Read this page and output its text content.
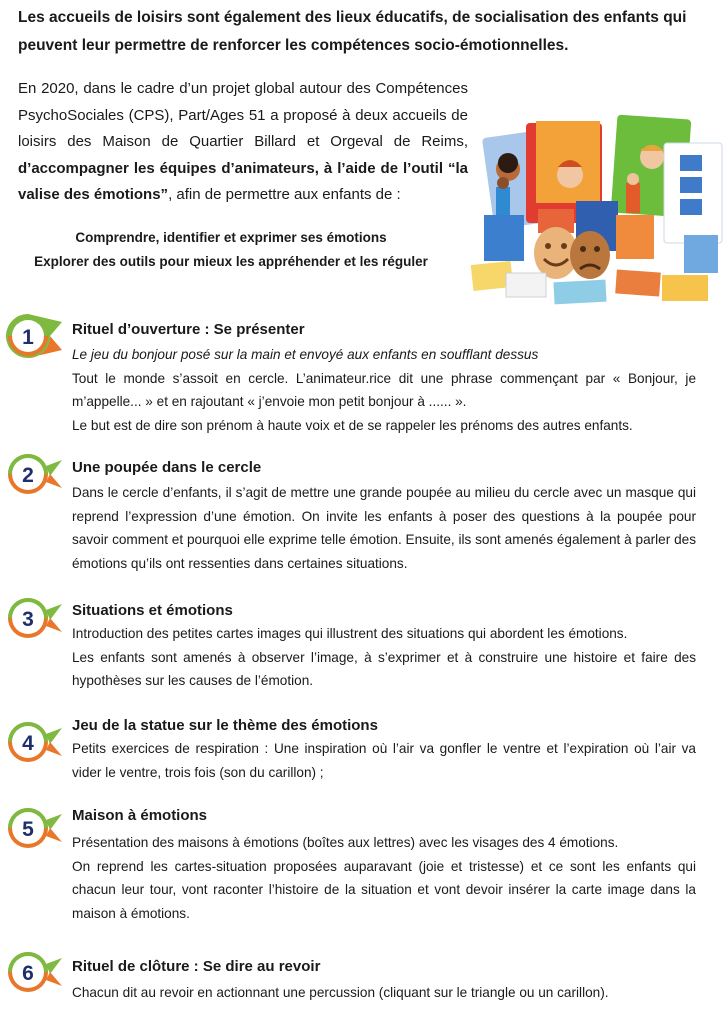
Les accueils de loisirs sont également des lieux éducatifs, de socialisation des enfants qui peuvent leur permettre de renforcer les compétences socio-émotionnelles.
En 2020, dans le cadre d’un projet global autour des Compétences PsychoSociales (CPS), Part/Ages 51 a proposé à deux accueils de loisirs des Maison de Quartier Billard et Orgeval de Reims, d’accompagner les équipes d’animateurs, à l’aide de l’outil “la valise des émotions”, afin de permettre aux enfants de :
Comprendre, identifier et exprimer ses émotions
Explorer des outils pour mieux les appréhender et les réguler
1	Rituel d’ouverture : Se présenter

Le jeu du bonjour posé sur la main et envoyé aux enfants en soufflant dessus

Tout le monde s’assoit en cercle. L’animateur.rice dit une phrase commençant par « Bonjour, je m’appelle... » et en rajoutant « j’envoie mon petit bonjour à ...... ».

Le but est de dire son prénom à haute voix et de se rappeler les prénoms des autres enfants.

2	Une poupée dans le cercle

Dans le cercle d’enfants, il s’agit de mettre une grande poupée au milieu du cercle avec un masque qui reprend l’expression d’une émotion. On invite les enfants à poser des questions à la poupée pour savoir comment et pourquoi elle exprime telle émotion. Ensuite, ils sont amenés également à parler des émotions qu’ils ont ressenties dans certaines situations.

3	Situations et émotions

Introduction des petites cartes images qui illustrent des situations qui abordent les émotions.

Les enfants sont amenés à observer l’image, à s’exprimer et à construire une histoire et faire des hypothèses sur les causes de l’émotion.

4
Jeu de la statue sur le thème des émotions

Petits exercices de respiration : Une inspiration où l’air va gonfler le ventre et l’expiration où l’air va vider le ventre, trois fois (son du carillon) ;

5
Maison à émotions

Présentation des maisons à émotions (boîtes aux lettres) avec les visages des 4 émotions.

On reprend les cartes-situation proposées auparavant (joie et tristesse) et ce sont les enfants qui chacun leur tour, vont raconter l’histoire de la situation et vont devoir insérer la carte image dans la maison à émotions.

6	Rituel de clôture : Se dire au revoir

Chacun dit au revoir en actionnant une percussion (cliquant sur le triangle ou un carillon).
